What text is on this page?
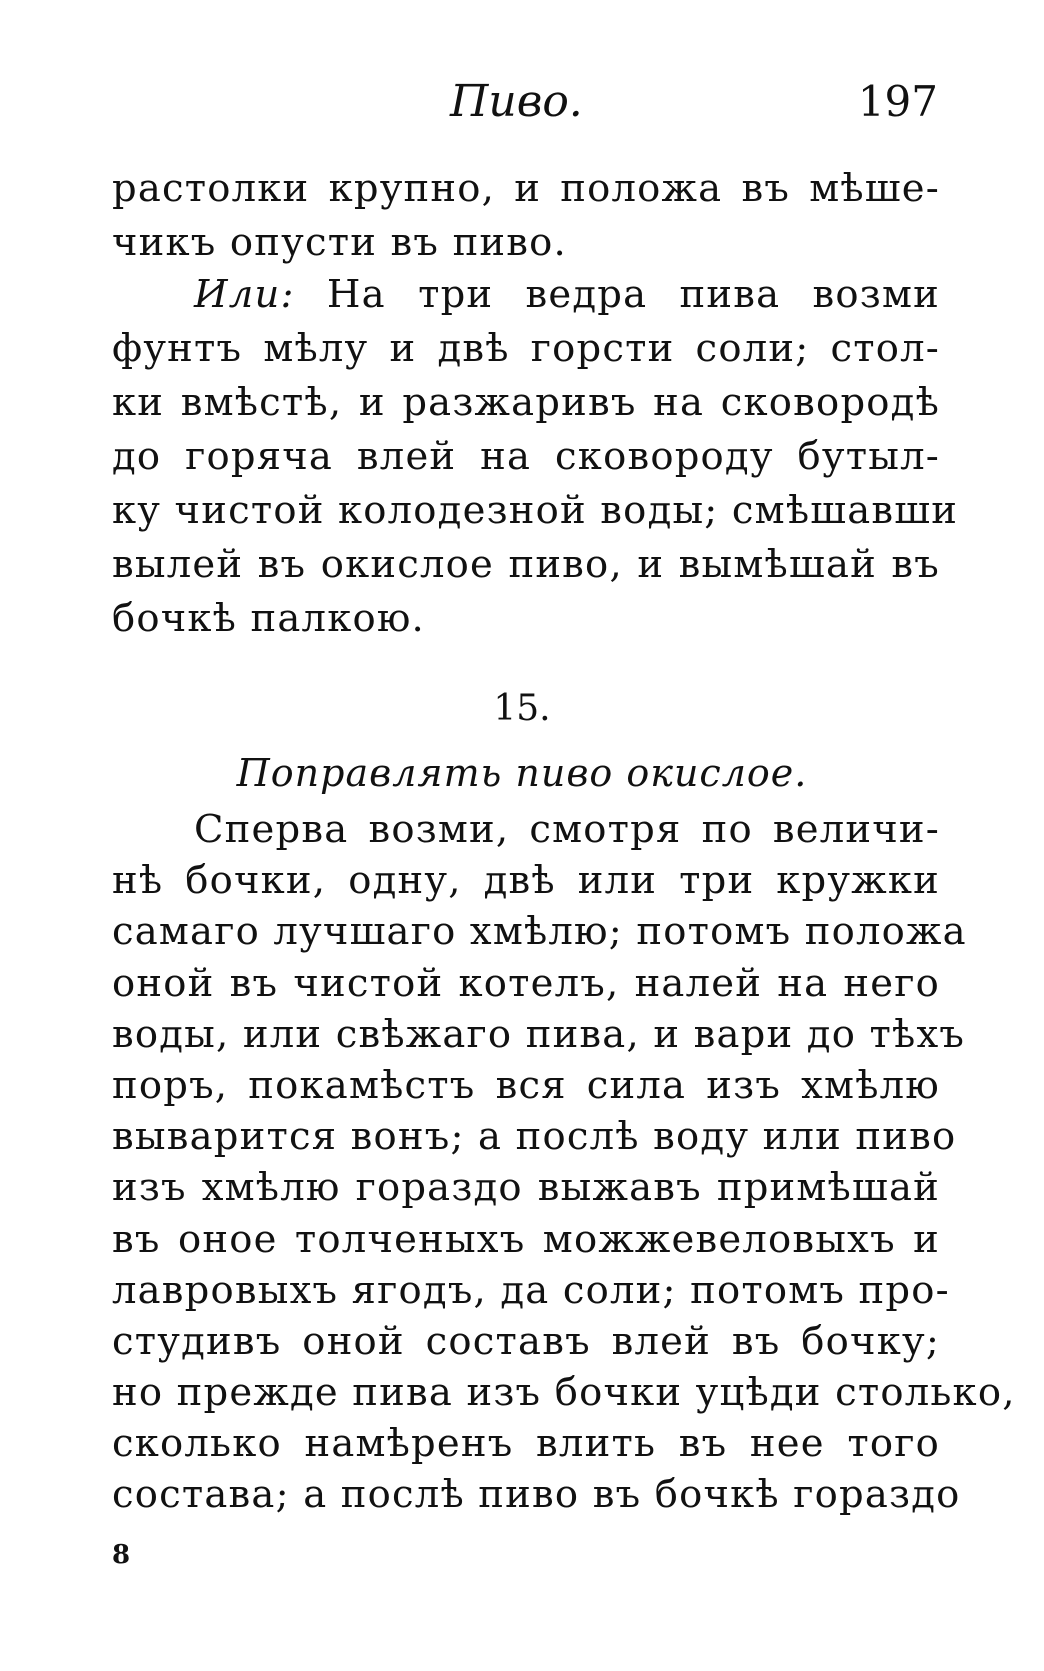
Пиво.	197
растолки крупно, и положа въ мѣше-
чикъ опусти въ пиво.
Или: На три ведра пива возми
фунтъ мѣлу и двѣ горсти соли; стол-
ки вмѣстѣ, и разжаривъ на сковородѣ
до горяча влей на сковороду бутыл-
ку чистой колодезной воды; смѣшавши
вылей въ окислое пиво, и вымѣшай въ
бочкѣ палкою.
15.
Поправлять пиво окислое.
Сперва возми, смотря по величи-
нѣ бочки, одну, двѣ или три кружки
самаго лучшаго хмѣлю; потомъ положа
оной въ чистой котелъ, налей на него
воды, или свѣжаго пива, и вари до тѣхъ
поръ, покамѣстъ вся сила изъ хмѣлю
выварится вонъ; а послѣ воду или пиво
изъ хмѣлю гораздо выжавъ примѣшай
въ оное толченыхъ можжевеловыхъ и
лавровыхъ ягодъ, да соли; потомъ про-
студивъ оной составъ влей въ бочку;
но прежде пива изъ бочки уцѣди столько,
сколько намѣренъ влить въ нее того
состава; а послѣ пиво въ бочкѣ гораздо
8
